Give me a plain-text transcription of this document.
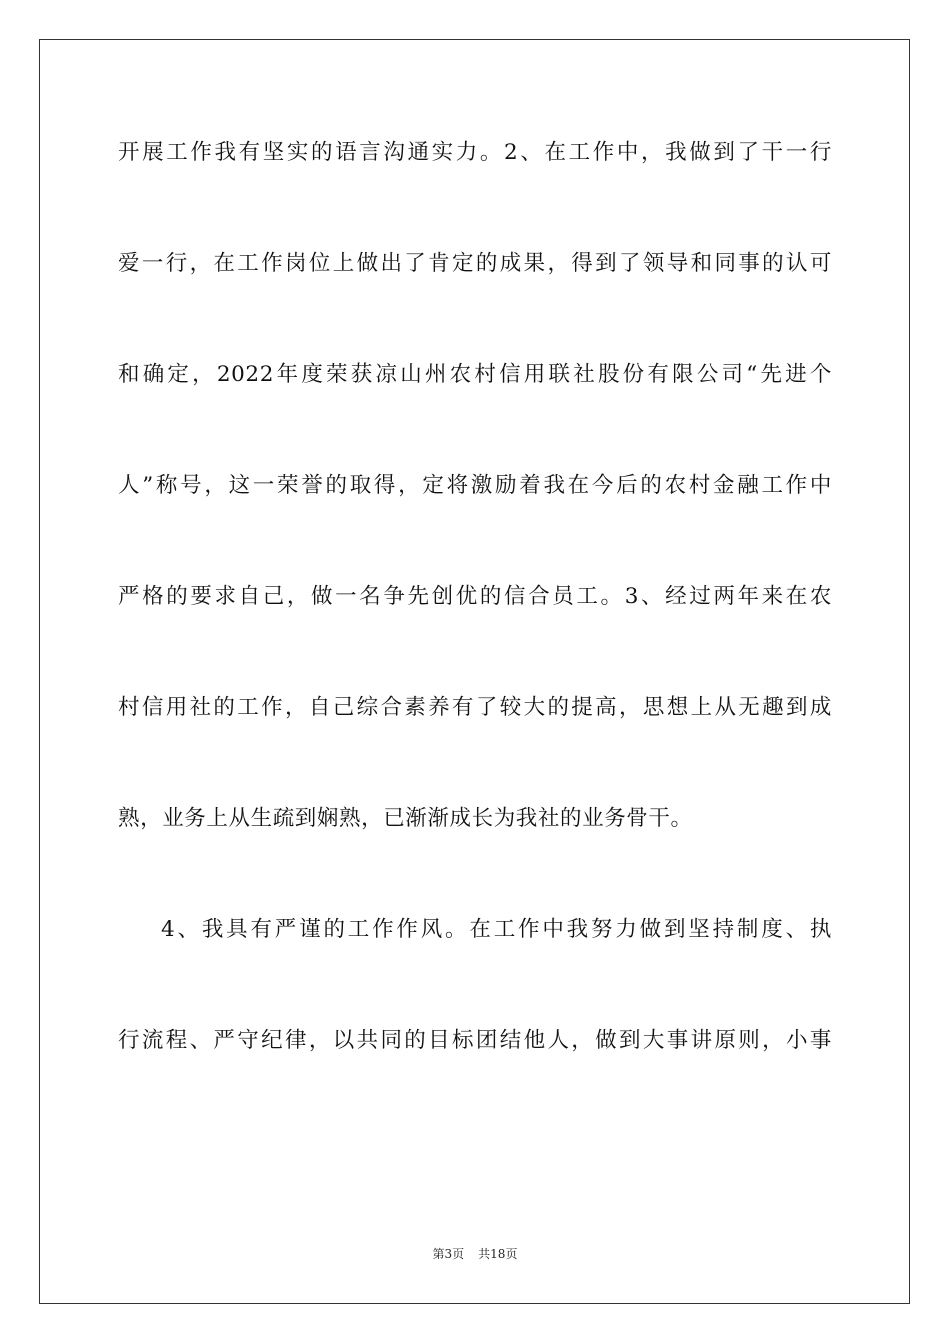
开展工作我有坚实的语言沟通实力。2、在工作中，我做到了干一行
爱一行，在工作岗位上做出了肯定的成果，得到了领导和同事的认可
和确定，2022年度荣获凉山州农村信用联社股份有限公司“先进个
人”称号，这一荣誉的取得，定将激励着我在今后的农村金融工作中
严格的要求自己，做一名争先创优的信合员工。3、经过两年来在农
村信用社的工作，自己综合素养有了较大的提高，思想上从无趣到成
熟，业务上从生疏到娴熟，已渐渐成长为我社的业务骨干。
4、我具有严谨的工作作风。在工作中我努力做到坚持制度、执
行流程、严守纪律，以共同的目标团结他人，做到大事讲原则，小事
第3页 共18页
